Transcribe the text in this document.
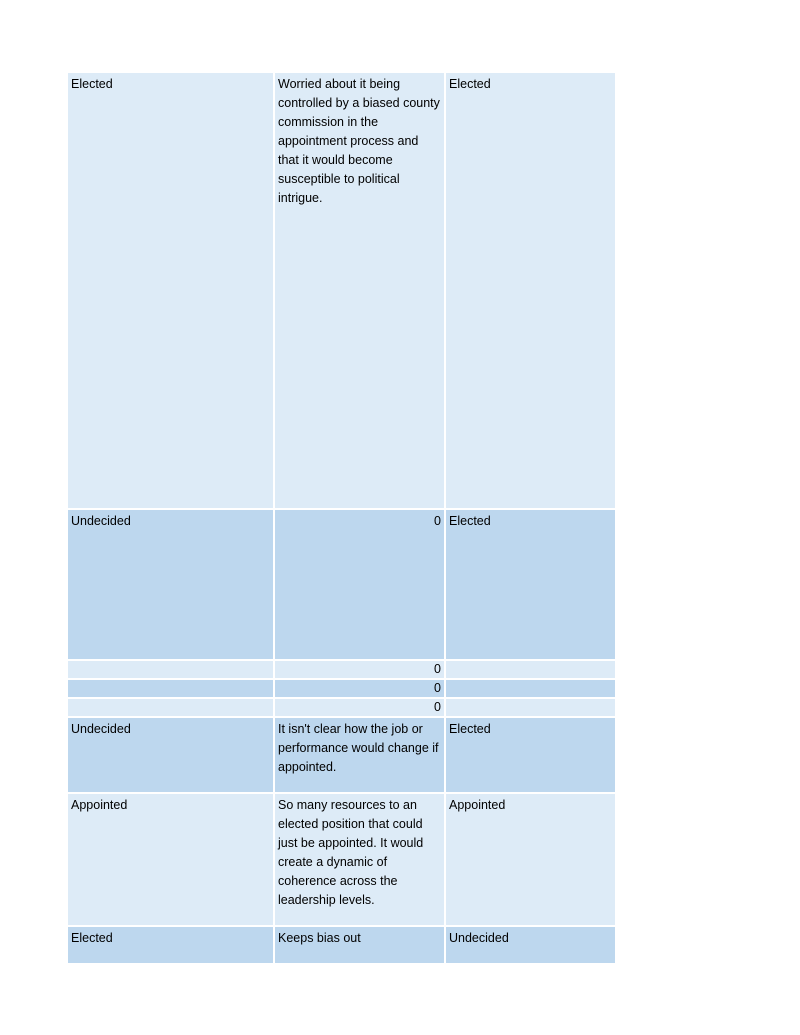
Elected	Worried about it being controlled by a biased county commission in the appointment process and that it would become susceptible to political intrigue.	Elected
Undecided	0	Elected
	0	
	0	
	0	
Undecided	It isn't clear how the job or performance would change if appointed.	Elected
Appointed	So many resources to an elected position that could just be appointed. It would create a dynamic of coherence across the leadership levels.	Appointed
Elected	Keeps bias out	Undecided
